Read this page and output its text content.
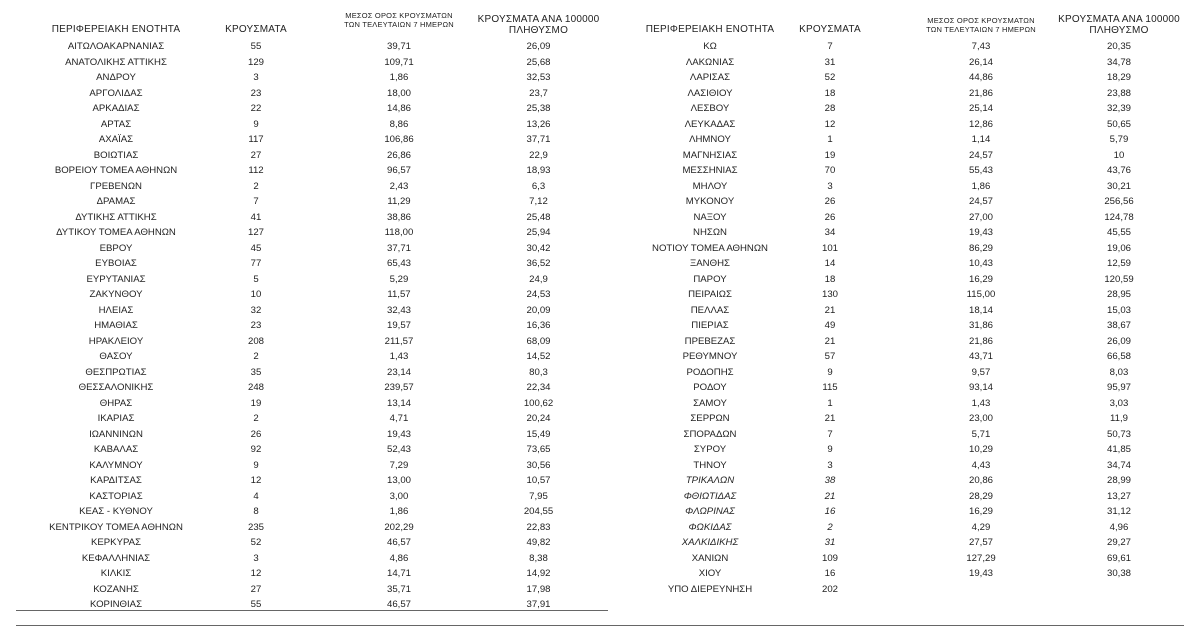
ΠΕΡΙΦΕΡΕΙΑΚΗ ΕΝΟΤΗΤΑ	ΚΡΟΥΣΜΑΤΑ
ΜΕΣΟΣ ΟΡΟΣ ΚΡΟΥΣΜΑΤΩΝ
ΤΩΝ ΤΕΛΕΥΤΑΙΩΝ 7 ΗΜΕΡΩΝ	ΚΡΟΥΣΜΑΤΑ ΑΝΑ 100000
ΠΛΗΘΥΣΜΟ
ΑΙΤΩΛΟΑΚΑΡΝΑΝΙΑΣ	55	39,71	26,09
ΑΝΑΤΟΛΙΚΗΣ ΑΤΤΙΚΗΣ	129	109,71	25,68
ΑΝΔΡΟΥ	3	1,86	32,53
ΑΡΓΟΛΙΔΑΣ	23	18,00	23,7
ΑΡΚΑΔΙΑΣ	22	14,86	25,38
ΑΡΤΑΣ	9	8,86	13,26
ΑΧΑΪΑΣ	117	106,86	37,71
ΒΟΙΩΤΙΑΣ	27	26,86	22,9
ΒΟΡΕΙΟΥ ΤΟΜΕΑ ΑΘΗΝΩΝ	112	96,57	18,93
ΓΡΕΒΕΝΩΝ	2	2,43	6,3
ΔΡΑΜΑΣ	7	11,29	7,12
ΔΥΤΙΚΗΣ ΑΤΤΙΚΗΣ	41	38,86	25,48
ΔΥΤΙΚΟΥ ΤΟΜΕΑ ΑΘΗΝΩΝ	127	118,00	25,94
ΕΒΡΟΥ	45	37,71	30,42
ΕΥΒΟΙΑΣ	77	65,43	36,52
ΕΥΡΥΤΑΝΙΑΣ	5	5,29	24,9
ΖΑΚΥΝΘΟΥ	10	11,57	24,53
ΗΛΕΙΑΣ	32	32,43	20,09
ΗΜΑΘΙΑΣ	23	19,57	16,36
ΗΡΑΚΛΕΙΟΥ	208	211,57	68,09
ΘΑΣΟΥ	2	1,43	14,52
ΘΕΣΠΡΩΤΙΑΣ	35	23,14	80,3
ΘΕΣΣΑΛΟΝΙΚΗΣ	248	239,57	22,34
ΘΗΡΑΣ	19	13,14	100,62
ΙΚΑΡΙΑΣ	2	4,71	20,24
ΙΩΑΝΝΙΝΩΝ	26	19,43	15,49
ΚΑΒΑΛΑΣ	92	52,43	73,65
ΚΑΛΥΜΝΟΥ	9	7,29	30,56
ΚΑΡΔΙΤΣΑΣ	12	13,00	10,57
ΚΑΣΤΟΡΙΑΣ	4	3,00	7,95
ΚΕΑΣ - ΚΥΘΝΟΥ	8	1,86	204,55
ΚΕΝΤΡΙΚΟΥ ΤΟΜΕΑ ΑΘΗΝΩΝ	235	202,29	22,83
ΚΕΡΚΥΡΑΣ	52	46,57	49,82
ΚΕΦΑΛΛΗΝΙΑΣ	3	4,86	8,38
ΚΙΛΚΙΣ	12	14,71	14,92
ΚΟΖΑΝΗΣ	27	35,71	17,98
ΚΟΡΙΝΘΙΑΣ	55	46,57	37,91
ΠΕΡΙΦΕΡΕΙΑΚΗ ΕΝΟΤΗΤΑ	ΚΡΟΥΣΜΑΤΑ
ΜΕΣΟΣ ΟΡΟΣ ΚΡΟΥΣΜΑΤΩΝ
ΤΩΝ ΤΕΛΕΥΤΑΙΩΝ 7 ΗΜΕΡΩΝ
ΚΡΟΥΣΜΑΤΑ ΑΝΑ 100000
ΠΛΗΘΥΣΜΟ
ΚΩ	7	7,43	20,35
ΛΑΚΩΝΙΑΣ	31	26,14	34,78
ΛΑΡΙΣΑΣ	52	44,86	18,29
ΛΑΣΙΘΙΟΥ	18	21,86	23,88
ΛΕΣΒΟΥ	28	25,14	32,39
ΛΕΥΚΑΔΑΣ	12	12,86	50,65
ΛΗΜΝΟΥ	1	1,14	5,79
ΜΑΓΝΗΣΙΑΣ	19	24,57	10
ΜΕΣΣΗΝΙΑΣ	70	55,43	43,76
ΜΗΛΟΥ	3	1,86	30,21
ΜΥΚΟΝΟΥ	26	24,57	256,56
ΝΑΞΟΥ	26	27,00	124,78
ΝΗΣΩΝ	34	19,43	45,55
ΝΟΤΙΟΥ ΤΟΜΕΑ ΑΘΗΝΩΝ	101	86,29	19,06
ΞΑΝΘΗΣ	14	10,43	12,59
ΠΑΡΟΥ	18	16,29	120,59
ΠΕΙΡΑΙΩΣ	130	115,00	28,95
ΠΕΛΛΑΣ	21	18,14	15,03
ΠΙΕΡΙΑΣ	49	31,86	38,67
ΠΡΕΒΕΖΑΣ	21	21,86	26,09
ΡΕΘΥΜΝΟΥ	57	43,71	66,58
ΡΟΔΟΠΗΣ	9	9,57	8,03
ΡΟΔΟΥ	115	93,14	95,97
ΣΑΜΟΥ	1	1,43	3,03
ΣΕΡΡΩΝ	21	23,00	11,9
ΣΠΟΡΑΔΩΝ	7	5,71	50,73
ΣΥΡΟΥ	9	10,29	41,85
ΤΗΝΟΥ	3	4,43	34,74
ΤΡΙΚΑΛΩΝ	38	20,86	28,99
ΦΘΙΩΤΙΔΑΣ	21	28,29	13,27
ΦΛΩΡΙΝΑΣ	16	16,29	31,12
ΦΩΚΙΔΑΣ	2	4,29	4,96
ΧΑΛΚΙΔΙΚΗΣ	31	27,57	29,27
ΧΑΝΙΩΝ	109	127,29	69,61
ΧΙΟΥ	16	19,43	30,38
ΥΠΟ ΔΙΕΡΕΥΝΗΣΗ	202
